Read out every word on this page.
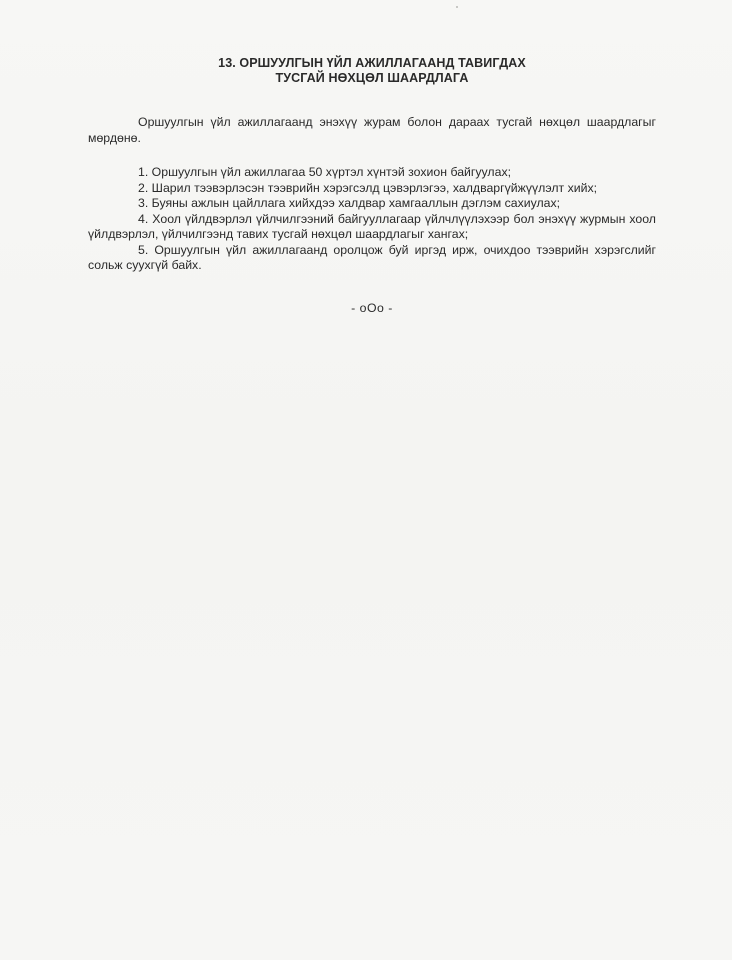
13. ОРШУУЛГЫН ҮЙЛ АЖИЛЛАГААНД ТАВИГДАХ
ТУСГАЙ НӨХЦӨЛ ШААРДЛАГА

Оршуулгын үйл ажиллагаанд энэхүү журам болон дараах тусгай нөхцөл шаардлагыг мөрдөнө.

1. Оршуулгын үйл ажиллагаа 50 хүртэл хүнтэй зохион байгуулах;

2. Шарил тээвэрлэсэн тээврийн хэрэгсэлд цэвэрлэгээ, халдваргүйжүүлэлт хийх;

3. Буяны ажлын цайллага хийхдээ халдвар хамгааллын дэглэм сахиулах;

4. Хоол үйлдвэрлэл үйлчилгээний байгууллагаар үйлчлүүлэхээр бол энэхүү журмын хоол үйлдвэрлэл, үйлчилгээнд тавих тусгай нөхцөл шаардлагыг хангах;

5. Оршуулгын үйл ажиллагаанд оролцож буй иргэд ирж, очихдоо тээврийн хэрэгслийг сольж суухгүй байх.

- оОо -
